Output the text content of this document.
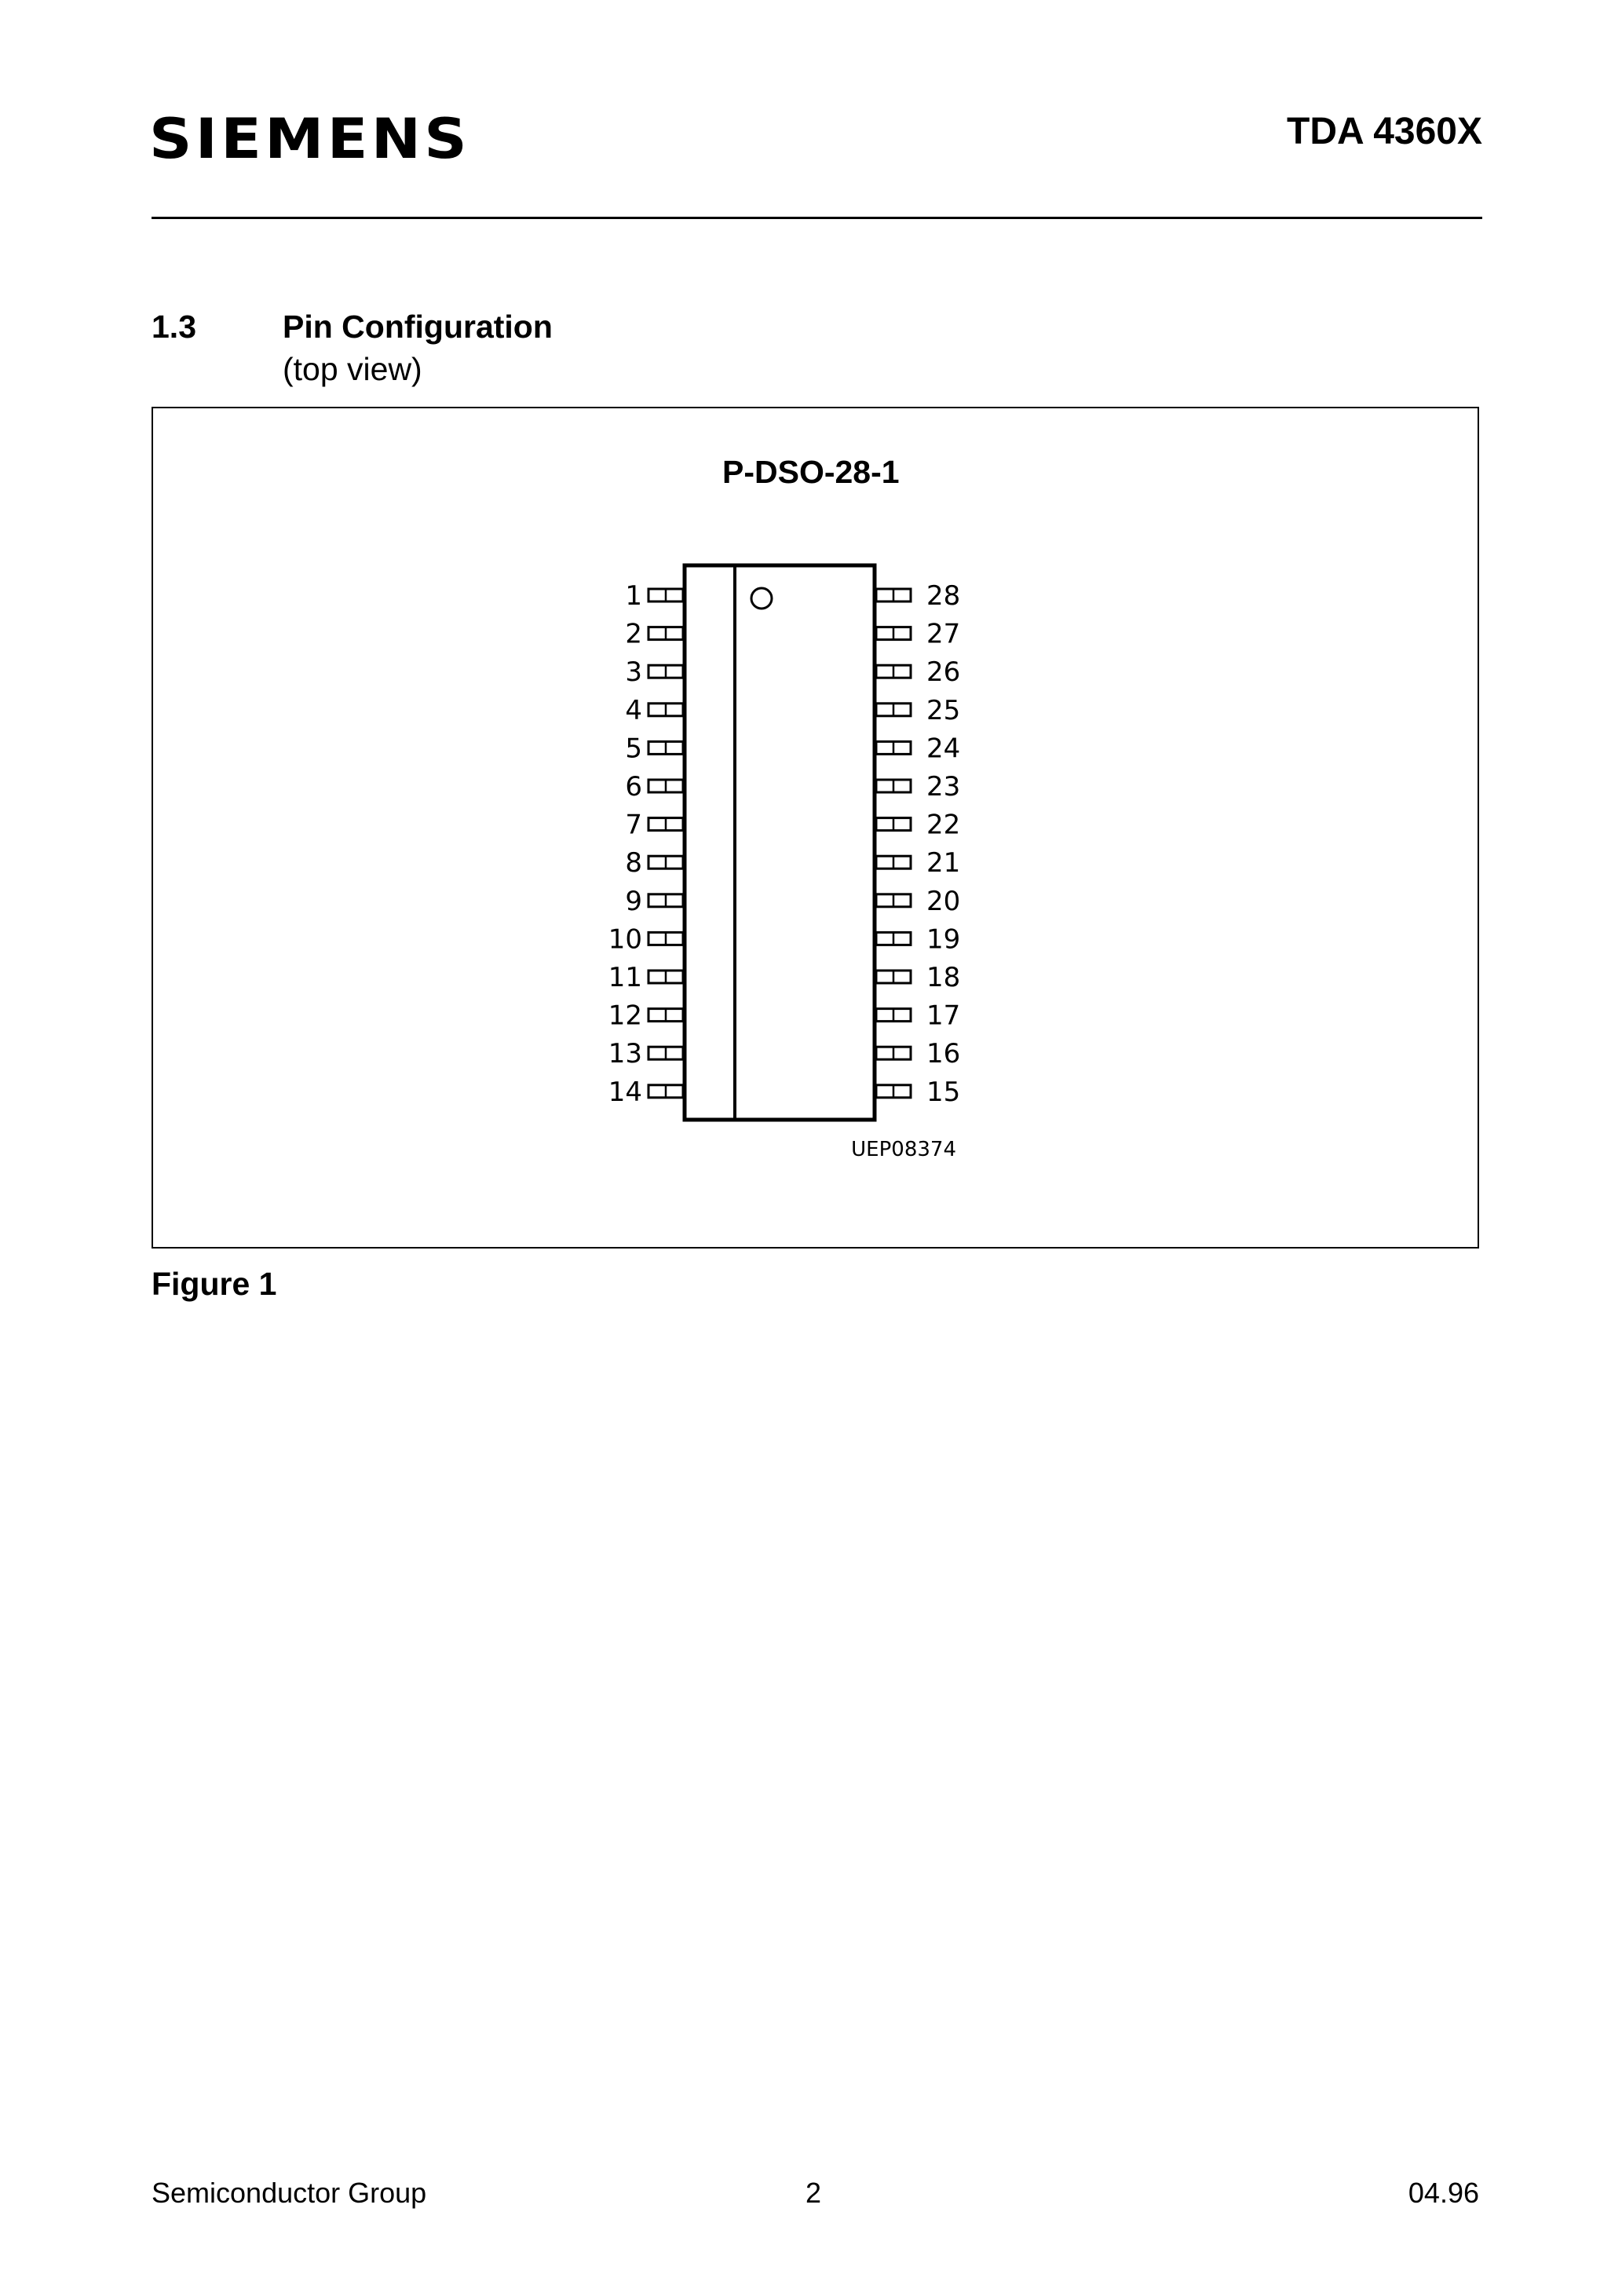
SIEMENS	TDA 4360X
1.3	Pin Configuration
(top view)
P-DSO-28-1
1
2
3
4
5
6
7
8
9
10
11
12
13
14
28
27
26
25
24
23
22
21
20
19
18
17
16
15
UEP08374
Figure 1
Semiconductor Group	2	04.96
